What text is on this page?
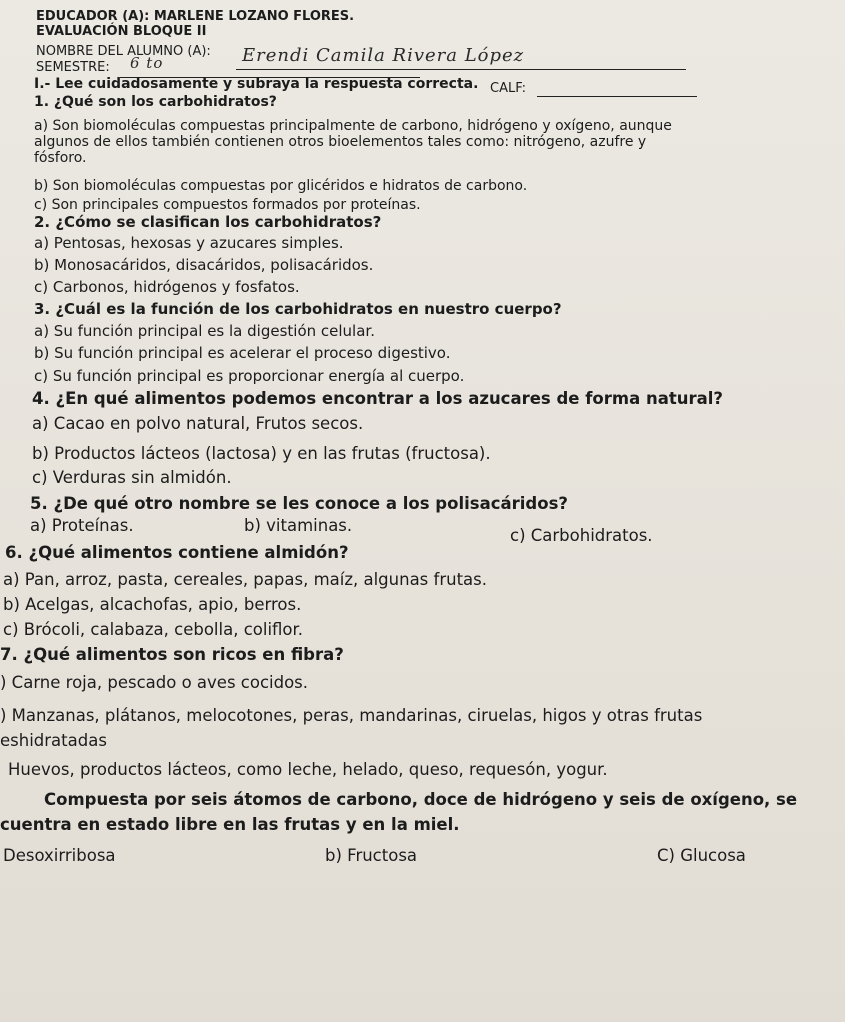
EDUCADOR (A): MARLENE LOZANO FLORES.
EVALUACIÓN BLOQUE II
NOMBRE DEL ALUMNO (A): Erendi Camila Rivera López
SEMESTRE: 6 to
CALF:
I.- Lee cuidadosamente y subraya la respuesta correcta.
1. ¿Qué son los carbohidratos?
a) Son biomoléculas compuestas principalmente de carbono, hidrógeno y oxígeno, aunque
algunos de ellos también contienen otros bioelementos tales como: nitrógeno, azufre y
fósforo.
b) Son biomoléculas compuestas por glicéridos e hidratos de carbono.
c) Son principales compuestos formados por proteínas.
2. ¿Cómo se clasifican los carbohidratos?
a) Pentosas, hexosas y azucares simples.
b) Monosacáridos, disacáridos, polisacáridos.
c) Carbonos, hidrógenos y fosfatos.
3. ¿Cuál es la función de los carbohidratos en nuestro cuerpo?
a) Su función principal es la digestión celular.
b) Su función principal es acelerar el proceso digestivo.
c) Su función principal es proporcionar energía al cuerpo.
4. ¿En qué alimentos podemos encontrar a los azucares de forma natural?
a) Cacao en polvo natural, Frutos secos.
b) Productos lácteos (lactosa) y en las frutas (fructosa).
c) Verduras sin almidón.
5. ¿De qué otro nombre se les conoce a los polisacáridos?
a) Proteínas.	b) vitaminas.
c) Carbohidratos.
6. ¿Qué alimentos contiene almidón?
a) Pan, arroz, pasta, cereales, papas, maíz, algunas frutas.
b) Acelgas, alcachofas, apio, berros.
c) Brócoli, calabaza, cebolla, coliflor.
7. ¿Qué alimentos son ricos en fibra?
) Carne roja, pescado o aves cocidos.
) Manzanas, plátanos, melocotones, peras, mandarinas, ciruelas, higos y otras frutas
eshidratadas
Huevos, productos lácteos, como leche, helado, queso, requesón, yogur.
Compuesta por seis átomos de carbono, doce de hidrógeno y seis de oxígeno, se
cuentra en estado libre en las frutas y en la miel.
Desoxirribosa	b) Fructosa	C) Glucosa
